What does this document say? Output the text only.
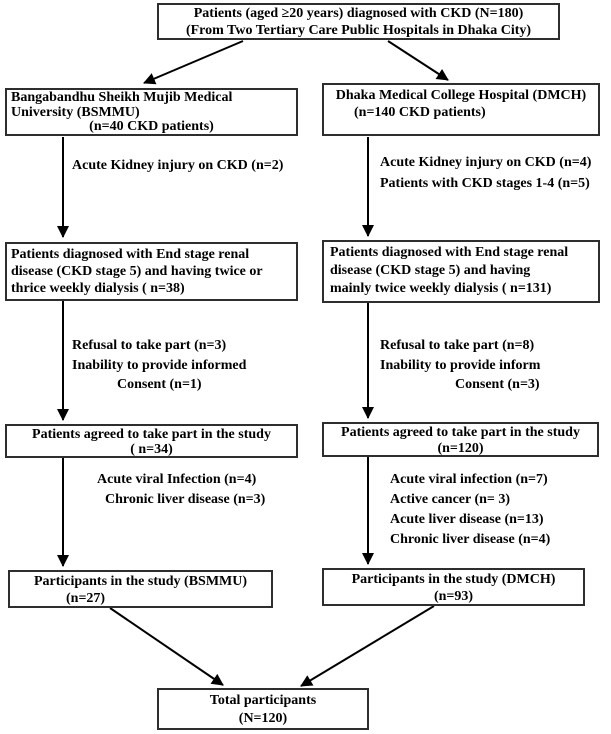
Patients (aged ≥20 years) diagnosed with CKD (N=180)
(From Two Tertiary Care Public Hospitals in Dhaka City)
Bangabandhu Sheikh Mujib Medical
University (BSMMU)
(n=40 CKD patients)
Dhaka Medical College Hospital (DMCH)
(n=140 CKD patients)
Acute Kidney injury on CKD (n=2)	Acute Kidney injury on CKD (n=4)
Patients with CKD stages 1-4 (n=5)
Patients diagnosed with End stage renal
disease (CKD stage 5) and having twice or
thrice weekly dialysis ( n=38)
Patients diagnosed with End stage renal
disease (CKD stage 5) and having
mainly twice weekly dialysis ( n=131)
Refusal to take part (n=3)
Inability to provide informed
Consent (n=1)
Refusal to take part (n=8)
Inability to provide inform
Consent (n=3)
Patients agreed to take part in the study
( n=34)
Patients agreed to take part in the study
(n=120)
Acute viral Infection (n=4)
Chronic liver disease (n=3)
Acute viral infection (n=7)
Active cancer (n= 3)
Acute liver disease (n=13)
Chronic liver disease (n=4)
Participants in the study (BSMMU)
(n=27)
Participants in the study (DMCH)
(n=93)
Total participants
(N=120)
